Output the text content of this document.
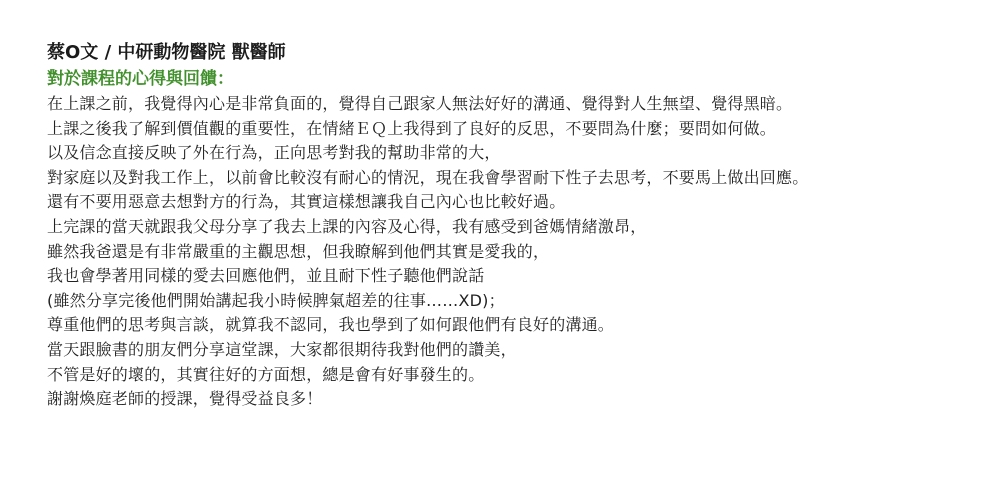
蔡O文 / 中研動物醫院 獸醫師
對於課程的心得與回饋：
在上課之前，我覺得內心是非常負面的，覺得自己跟家人無法好好的溝通、覺得對人生無望、覺得黑暗。
上課之後我了解到價值觀的重要性，在情緒ＥＱ上我得到了良好的反思，不要問為什麼；要問如何做。
以及信念直接反映了外在行為，正向思考對我的幫助非常的大，
對家庭以及對我工作上，以前會比較沒有耐心的情況，現在我會學習耐下性子去思考，不要馬上做出回應。
還有不要用惡意去想對方的行為，其實這樣想讓我自己內心也比較好過。
上完課的當天就跟我父母分享了我去上課的內容及心得，我有感受到爸媽情緒激昂，
雖然我爸還是有非常嚴重的主觀思想，但我瞭解到他們其實是愛我的，
我也會學著用同樣的愛去回應他們，並且耐下性子聽他們說話
(雖然分享完後他們開始講起我小時候脾氣超差的往事……XD)；
尊重他們的思考與言談，就算我不認同，我也學到了如何跟他們有良好的溝通。
當天跟臉書的朋友們分享這堂課，大家都很期待我對他們的讚美，
不管是好的壞的，其實往好的方面想，總是會有好事發生的。
謝謝煥庭老師的授課，覺得受益良多！
